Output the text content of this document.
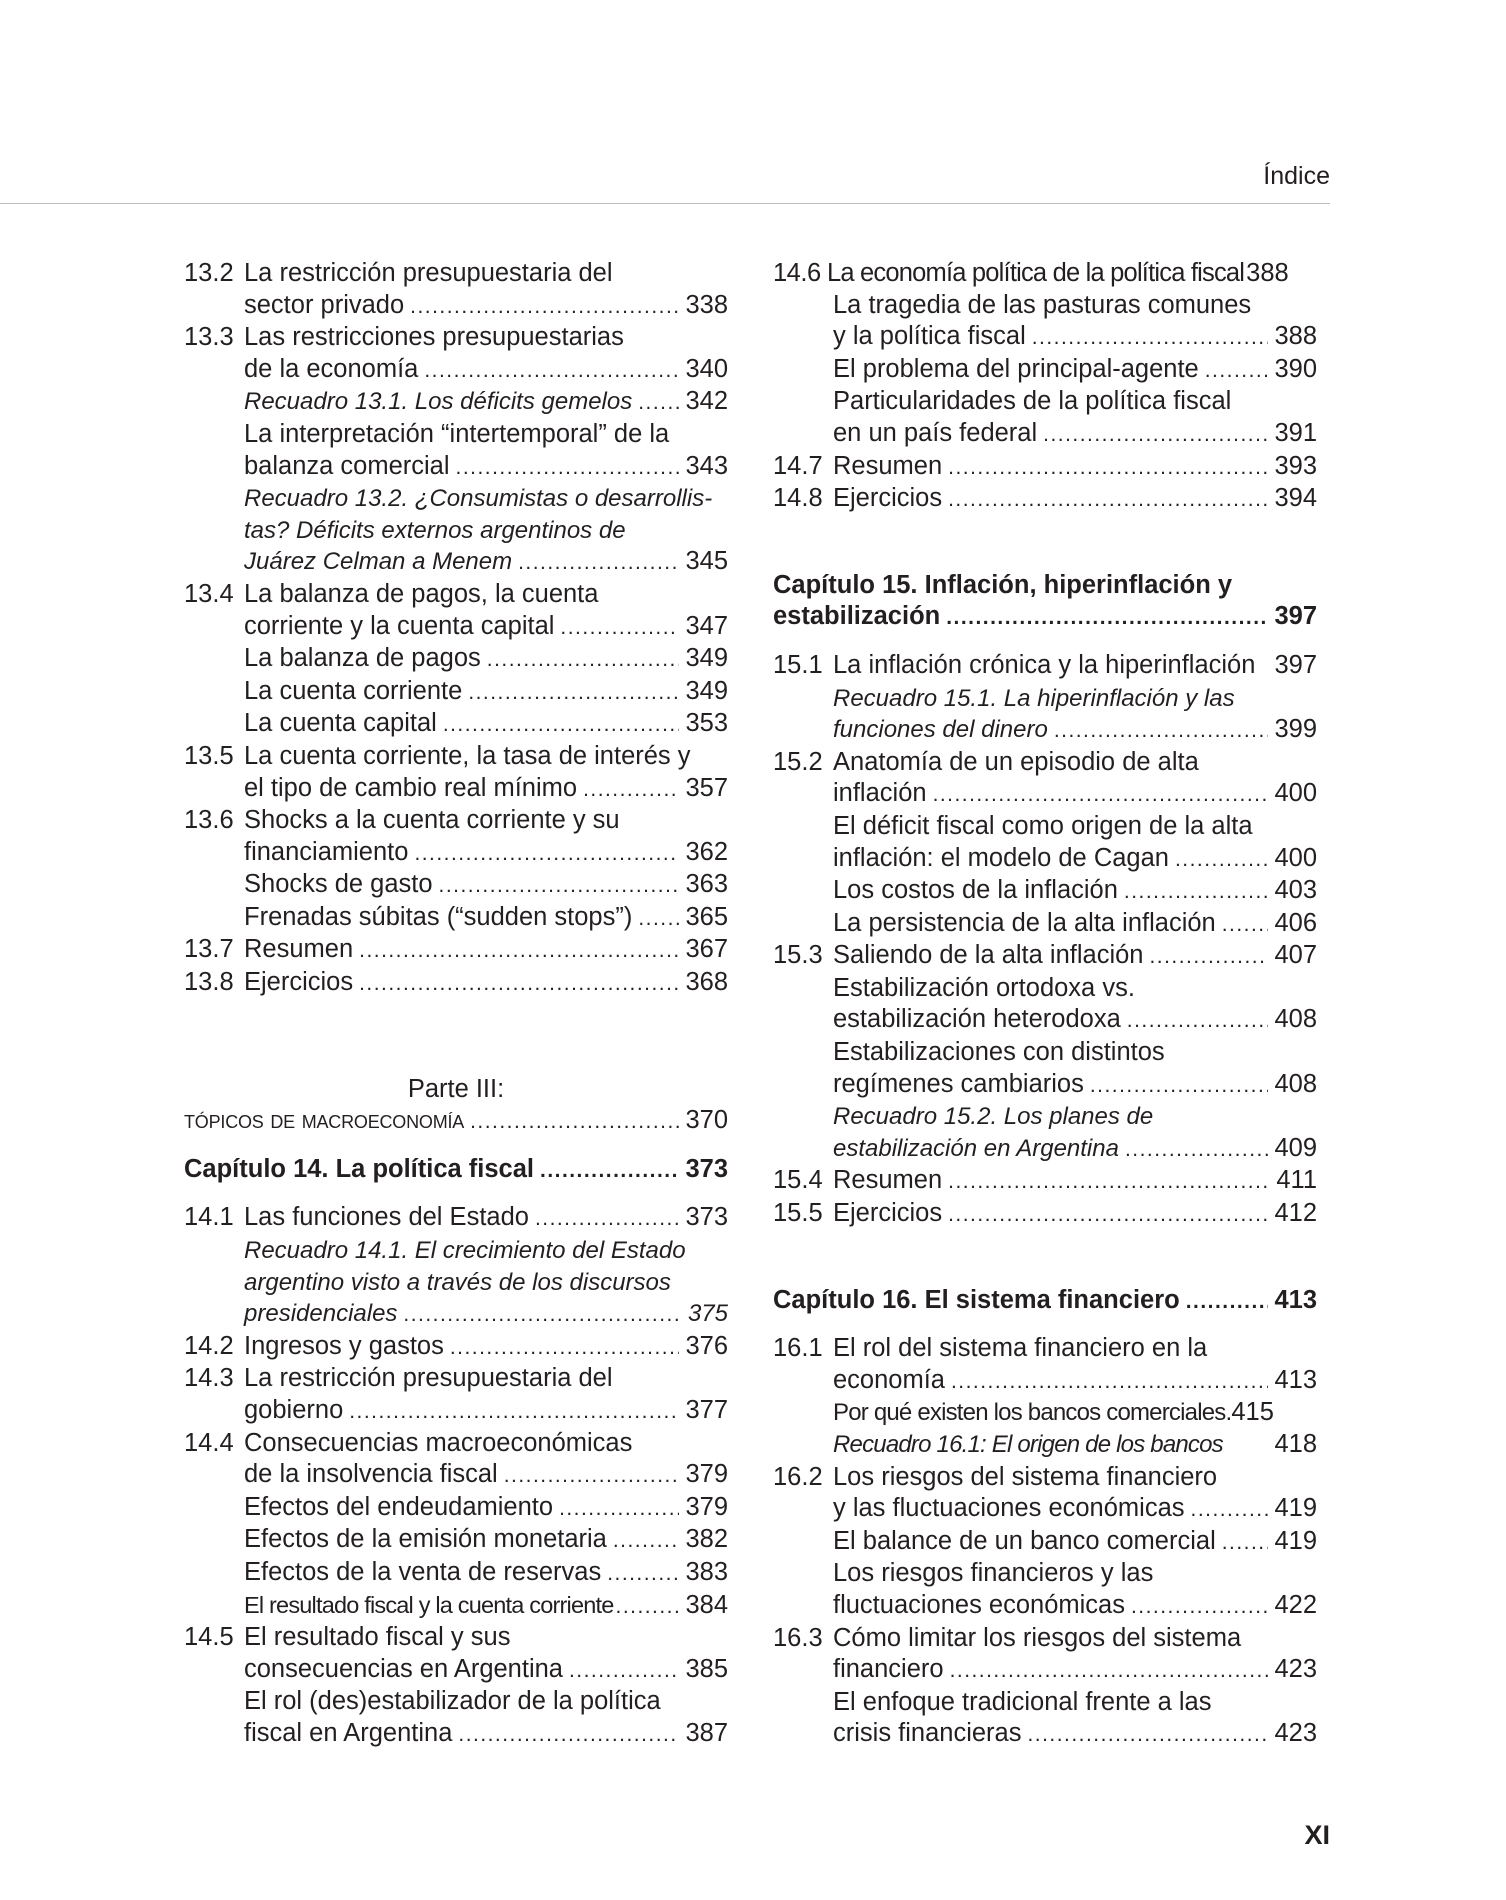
Índice
13.2 La restricción presupuestaria del
sector privado .....	338
13.3 Las restricciones presupuestarias
de la economía .....	340
Recuadro 13.1. Los déficits gemelos ..... 342
La interpretación “intertemporal” de la
balanza comercial .....	343
Recuadro 13.2. ¿Consumistas o desarrollis-
tas? Déficits externos argentinos de
Juárez Celman a Menem .....	345
13.4 La balanza de pagos, la cuenta
corriente y la cuenta capital .....	347
La balanza de pagos .....	349
La cuenta corriente .....	349
La cuenta capital .....	353
13.5 La cuenta corriente, la tasa de interés y
el tipo de cambio real mínimo .....	357
13.6 Shocks a la cuenta corriente y su
financiamiento .....	362
Shocks de gasto .....	363
Frenadas súbitas (“sudden stops”) ..... 365
13.7 Resumen .....	367
13.8 Ejercicios .....	368
Parte III:
tópicos de macroeconomía .....	370
Capítulo 14. La política fiscal .....	373
14.1 Las funciones del Estado .....	373
Recuadro 14.1. El crecimiento del Estado
argentino visto a través de los discursos
presidenciales .....	375
14.2 Ingresos y gastos .....	376
14.3 La restricción presupuestaria del
gobierno .....	377
14.4 Consecuencias macroeconómicas
de la insolvencia fiscal .....	379
Efectos del endeudamiento .....	379
Efectos de la emisión monetaria .....	382
Efectos de la venta de reservas .....	383
El resultado fiscal y la cuenta corriente .....	384
14.5 El resultado fiscal y sus
consecuencias en Argentina .....	385
El rol (des)estabilizador de la política
fiscal en Argentina .....	387
14.6 La economía política de la política fiscal 388
La tragedia de las pasturas comunes
y la política fiscal .....	388
El problema del principal-agente .....	390
Particularidades de la política fiscal
en un país federal .....	391
14.7 Resumen .....	393
14.8 Ejercicios .....	394
Capítulo 15. Inflación, hiperinflación y
estabilización .....	397
15.1 La inflación crónica y la hiperinflación 397
Recuadro 15.1. La hiperinflación y las
funciones del dinero .....	399
15.2 Anatomía de un episodio de alta
inflación .....	400
El déficit fiscal como origen de la alta
inflación: el modelo de Cagan .....	400
Los costos de la inflación .....	403
La persistencia de la alta inflación ..... 406
15.3 Saliendo de la alta inflación .....	407
Estabilización ortodoxa vs.
estabilización heterodoxa .....	408
Estabilizaciones con distintos
regímenes cambiarios .....	408
Recuadro 15.2. Los planes de
estabilización en Argentina .....	409
15.4 Resumen .....	411
15.5 Ejercicios .....	412
Capítulo 16. El sistema financiero .....	413
16.1 El rol del sistema financiero en la
economía .....	413
Por qué existen los bancos comerciales. 415
Recuadro 16.1: El origen de los bancos 418
16.2 Los riesgos del sistema financiero
y las fluctuaciones económicas .....	419
El balance de un banco comercial ..... 419
Los riesgos financieros y las
fluctuaciones económicas .....	422
16.3 Cómo limitar los riesgos del sistema
financiero .....	423
El enfoque tradicional frente a las
crisis financieras .....	423
XI
